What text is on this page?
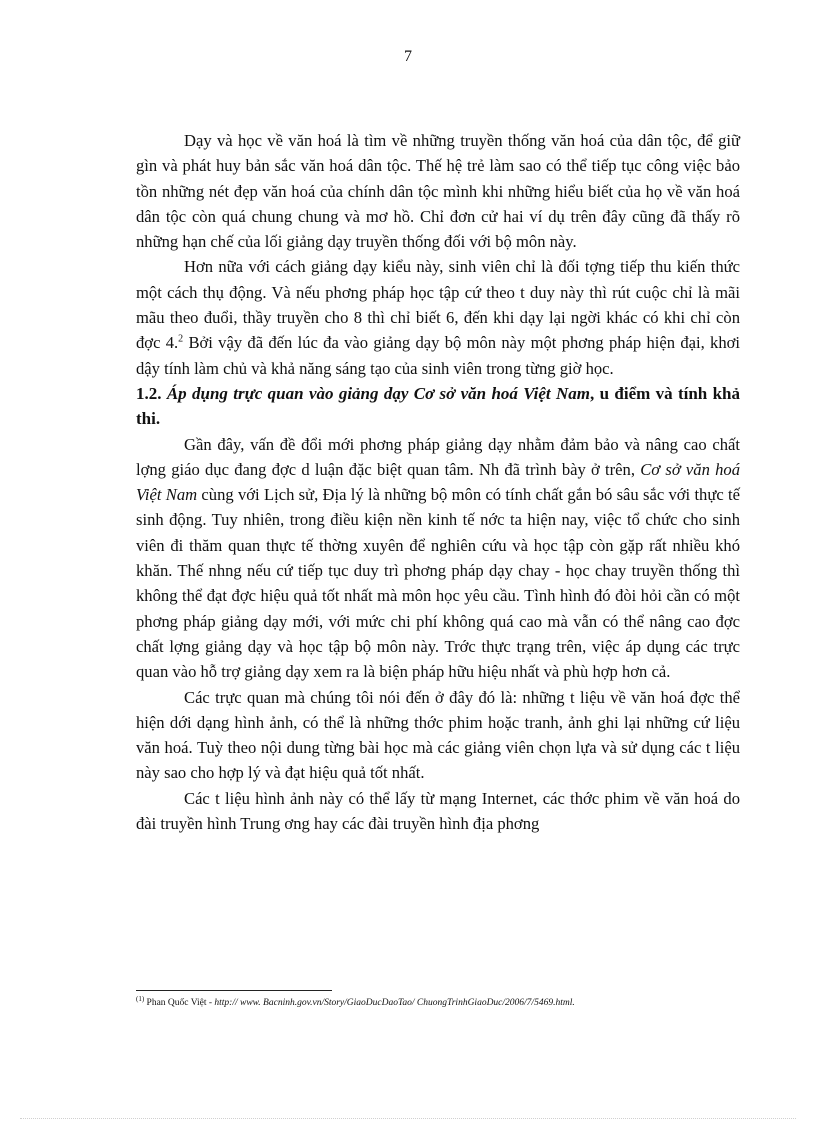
7

Dạy và học về văn hoá là tìm về những truyền thống văn hoá của dân tộc, để giữ gìn và phát huy bản sắc văn hoá dân tộc. Thế hệ trẻ làm sao có thể tiếp tục công việc bảo tồn những nét đẹp văn hoá của chính dân tộc mình khi những hiểu biết của họ về văn hoá dân tộc còn quá chung chung và mơ hồ. Chỉ đơn cử hai ví dụ trên đây cũng đã thấy rõ những hạn chế của lối giảng dạy truyền thống đối với bộ môn này.

Hơn nữa với cách giảng dạy kiểu này, sinh viên chỉ là đối tợng tiếp thu kiến thức một cách thụ động. Và nếu phơng pháp học tập cứ theo t duy này thì rút cuộc chỉ là mãi mãu theo đuổi, thầy truyền cho 8 thì chỉ biết 6, đến khi dạy lại ngời khác có khi chỉ còn đợc 4.$^2$ Bởi vậy đã đến lúc đa vào giảng dạy bộ môn này một phơng pháp hiện đại, khơi dậy tính làm chủ và khả năng sáng tạo của sinh viên trong từng giờ học.

1.2. Áp dụng trực quan vào giảng dạy Cơ sở văn hoá Việt Nam, u điểm và tính khả thi.

Gần đây, vấn đề đổi mới phơng pháp giảng dạy nhằm đảm bảo và nâng cao chất lợng giáo dục đang đợc d luận đặc biệt quan tâm. Nh đã trình bày ở trên, Cơ sở văn hoá Việt Nam cùng với Lịch sử, Địa lý là những bộ môn có tính chất gắn bó sâu sắc với thực tế sinh động. Tuy nhiên, trong điều kiện nền kinh tế nớc ta hiện nay, việc tổ chức cho sinh viên đi thăm quan thực tế thờng xuyên để nghiên cứu và học tập còn gặp rất nhiều khó khăn. Thế nhng nếu cứ tiếp tục duy trì phơng pháp dạy chay - học chay truyền thống thì không thể đạt đợc hiệu quả tốt nhất mà môn học yêu cầu. Tình hình đó đòi hỏi cần có một phơng pháp giảng dạy mới, với mức chi phí không quá cao mà vẫn có thể nâng cao đợc chất lợng giảng dạy và học tập bộ môn này. Trớc thực trạng trên, việc áp dụng các trực quan vào hỗ trợ giảng dạy xem ra là biện pháp hữu hiệu nhất và phù hợp hơn cả.

Các trực quan mà chúng tôi nói đến ở đây đó là: những t liệu về văn hoá đợc thể hiện dới dạng hình ảnh, có thể là những thớc phim hoặc tranh, ảnh ghi lại những cứ liệu văn hoá. Tuỳ theo nội dung từng bài học mà các giảng viên chọn lựa và sử dụng các t liệu này sao cho hợp lý và đạt hiệu quả tốt nhất.

Các t liệu hình ảnh này có thể lấy từ mạng Internet, các thớc phim về văn hoá do đài truyền hình Trung ơng hay các đài truyền hình địa phơng

$^{(1)}$ Phan Quốc Việt - http:// www. Bacninh.gov.vn/Story/GiaoDucDaoTao/ ChuongTrinhGiaoDuc/2006/7/5469.html.
